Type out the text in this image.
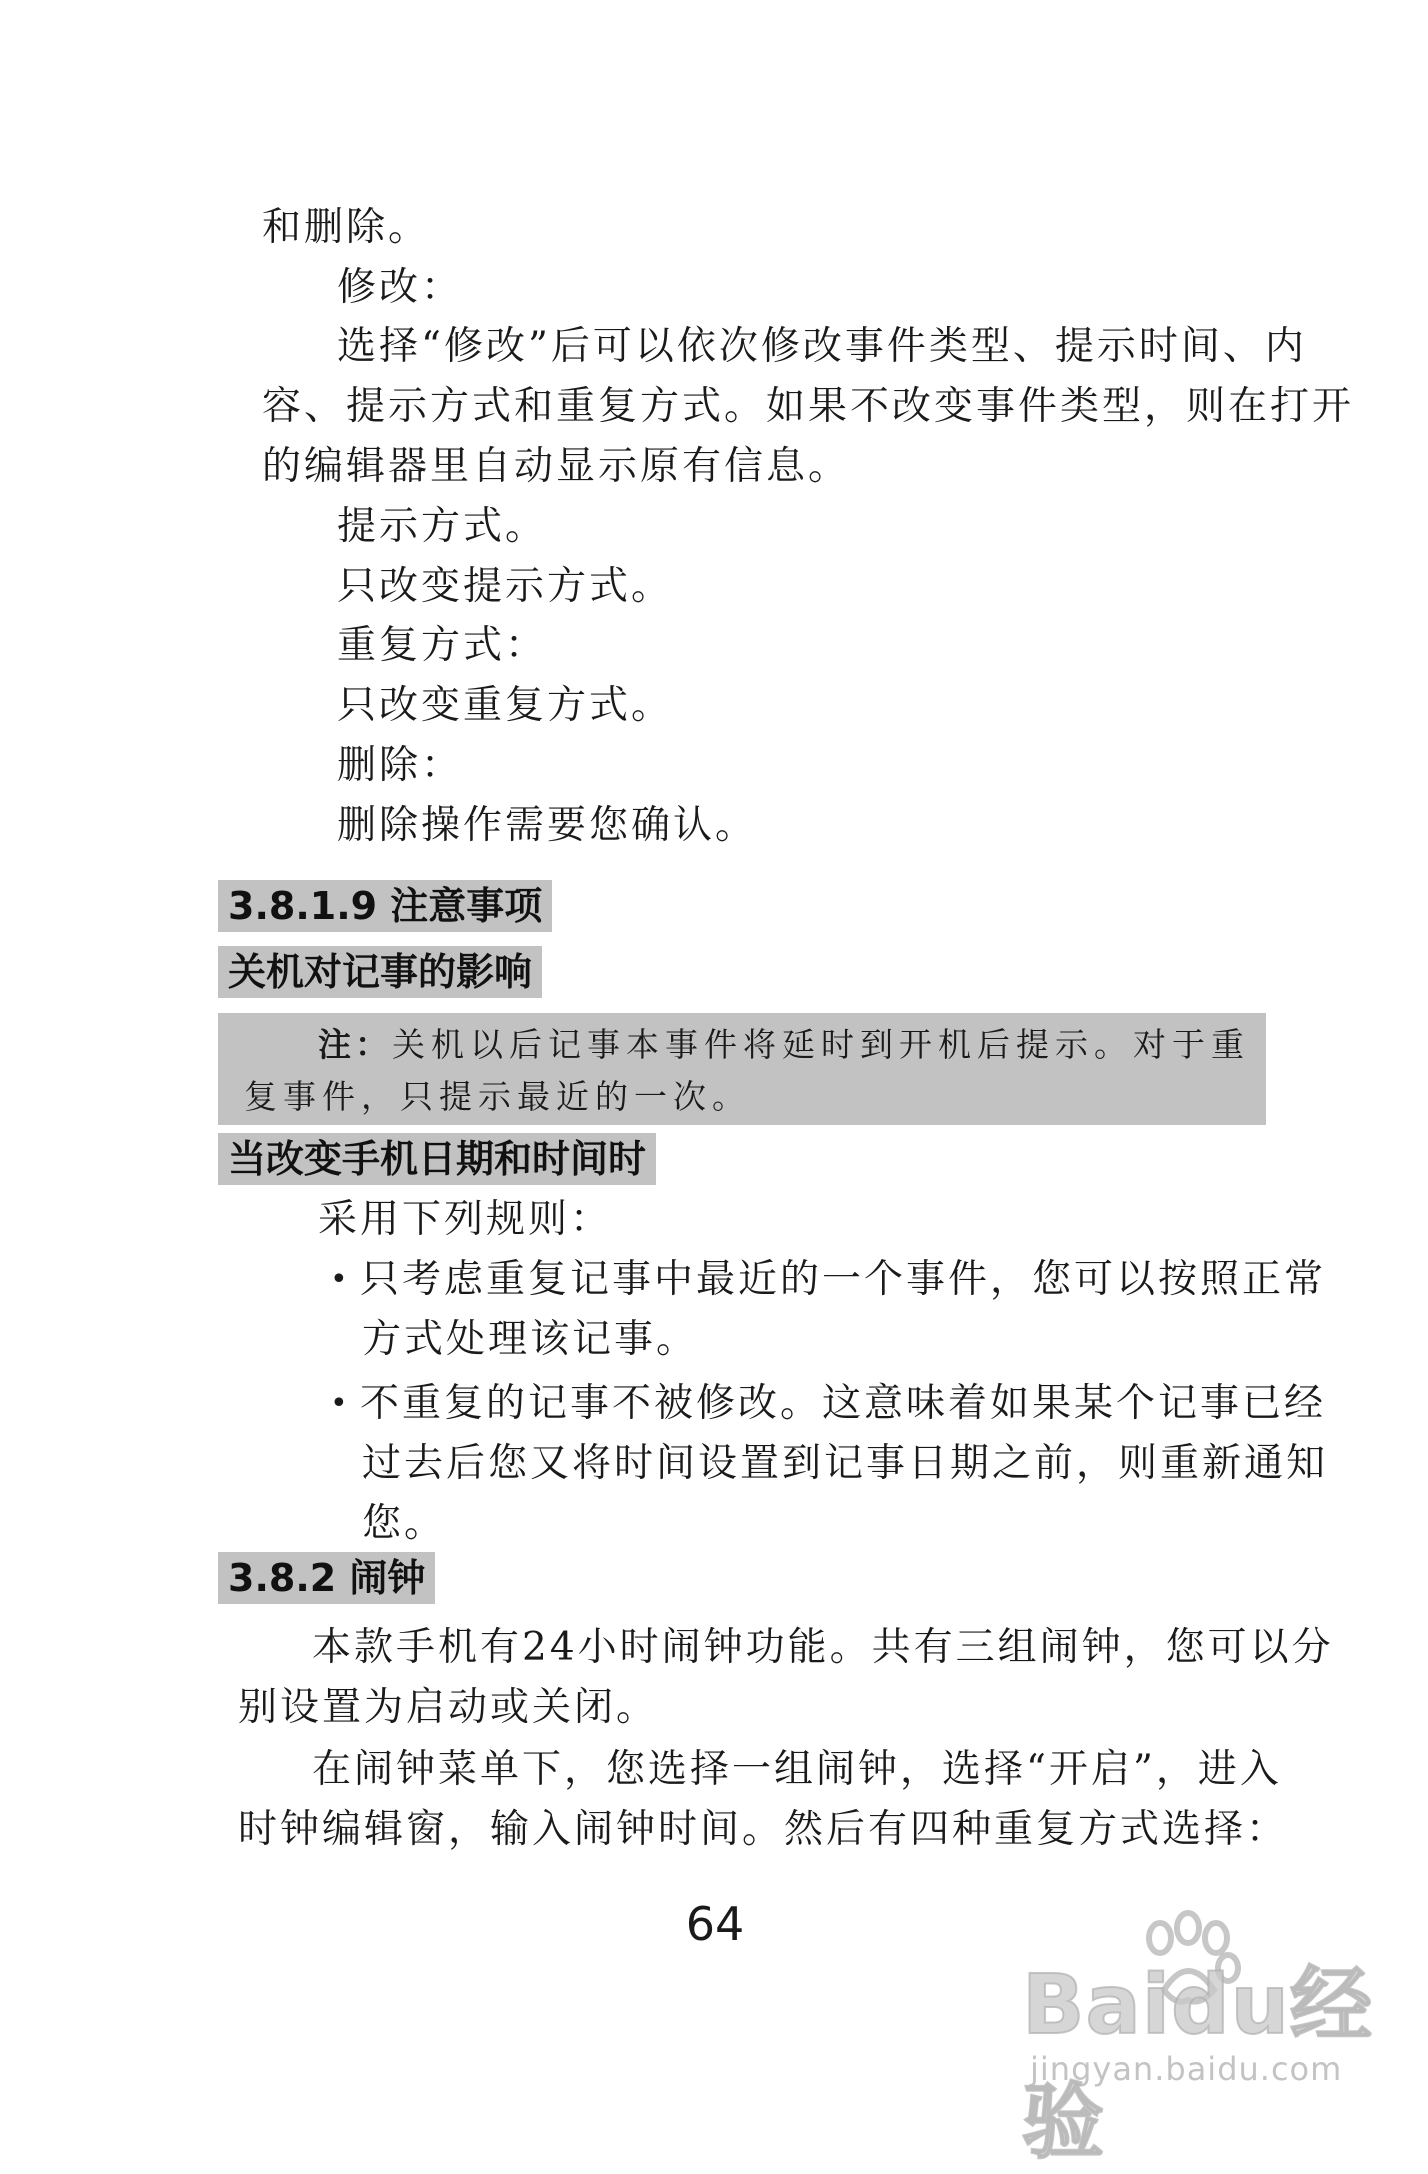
和删除。
修改：
选择“修改”后可以依次修改事件类型、提示时间、内
容、提示方式和重复方式。如果不改变事件类型，则在打开
的编辑器里自动显示原有信息。
提示方式。
只改变提示方式。
重复方式：
只改变重复方式。
删除：
删除操作需要您确认。
3.8.1.9 注意事项
关机对记事的影响
注：关机以后记事本事件将延时到开机后提示。对于重
复事件，只提示最近的一次。
当改变手机日期和时间时
采用下列规则：
• 只考虑重复记事中最近的一个事件，您可以按照正常
方式处理该记事。
• 不重复的记事不被修改。这意味着如果某个记事已经
过去后您又将时间设置到记事日期之前，则重新通知
您。
3.8.2 闹钟
本款手机有24小时闹钟功能。共有三组闹钟，您可以分
别设置为启动或关闭。
在闹钟菜单下，您选择一组闹钟，选择“开启”，进入
时钟编辑窗，输入闹钟时间。然后有四种重复方式选择：
64
Baidu经验
jingyan.baidu.com
